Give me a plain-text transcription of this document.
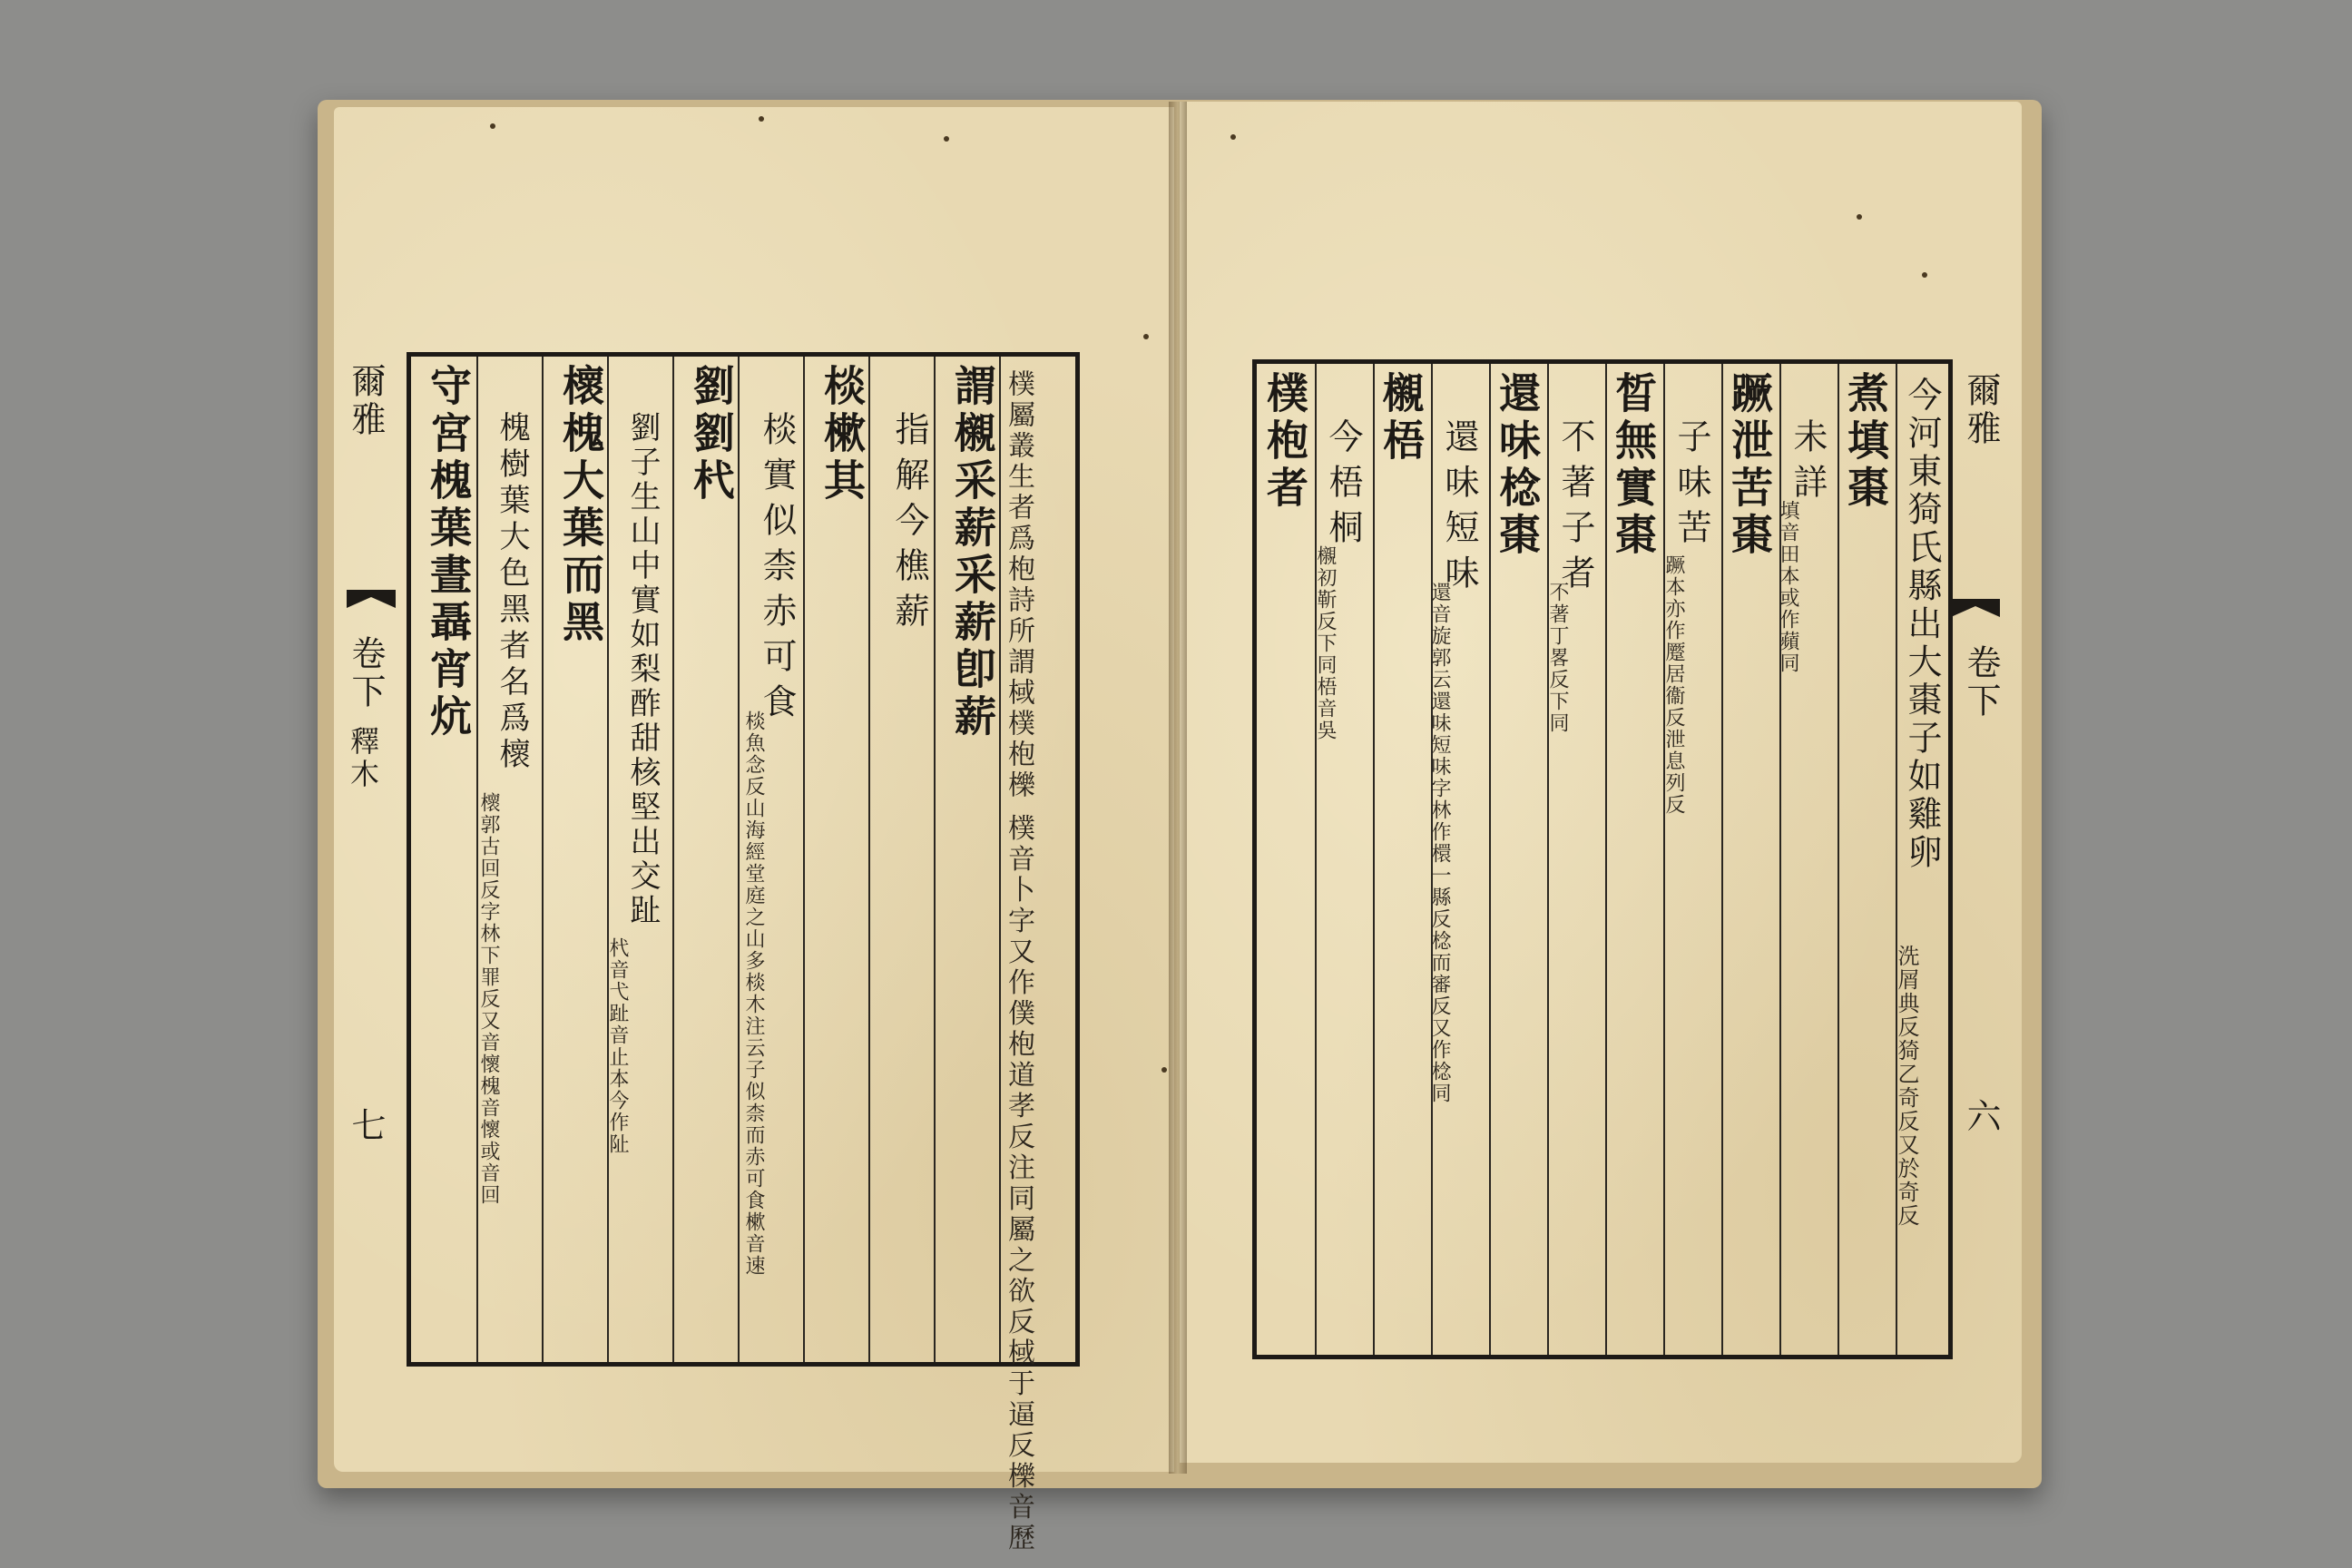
爾雅
卷下
釋木
七	樸屬叢生者爲枹詩所謂棫樸枹櫟 樸音卜字又作僕枹道孝反注同屬之欲反棫于逼反櫟音歷
謂櫬采薪采薪卽薪
指解今樵薪
棪樕其
棪實似柰赤可食
棪魚念反山海經堂庭之山多棪木注云子似柰而赤可食樕音速
劉劉杙
劉子生山中實如梨酢甜核堅出交趾
杙音弋趾音止本今作阯
櫰槐大葉而黑
槐樹葉大色黑者名爲櫰
櫰郭古回反字林下罪反又音懷槐音懷或音回
守宮槐葉晝聶宵炕	爾雅
卷下
六
今河東猗氏縣出大棗子如雞卵
洗屑典反猗乙奇反又於奇反
煮填棗
未詳
填音田本或作蘋同
蹶泄苦棗
子味苦
蹶本亦作蹷居衞反泄息列反
晳無實棗
不著子者
不著丁畧反下同
還味棯棗
還味短味
還音旋郭云還味短味字林作檈一縣反棯而審反又作棯同
櫬梧
今梧桐
櫬初靳反下同梧音吳
樸枹者
